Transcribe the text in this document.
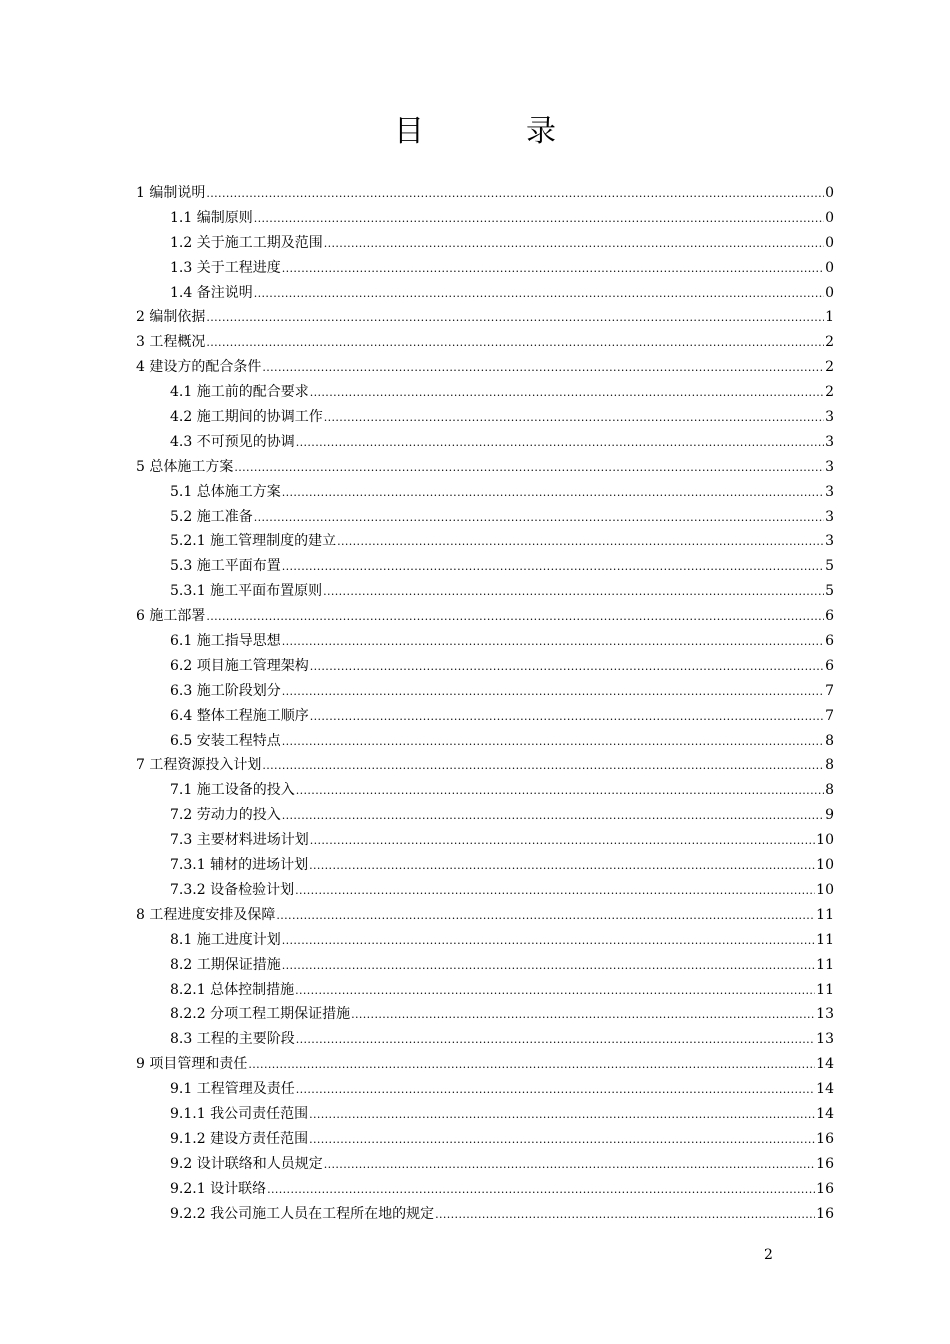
目　录
1 编制说明 .....	0
1.1 编制原则 .....	0
1.2 关于施工工期及范围 .....	0
1.3 关于工程进度 .....	0
1.4 备注说明 .....	0
2 编制依据 .....	1
3 工程概况 .....	2
4 建设方的配合条件 .....	2
4.1 施工前的配合要求 .....	2
4.2 施工期间的协调工作 .....	3
4.3 不可预见的协调 .....	3
5 总体施工方案 .....	3
5.1 总体施工方案 .....	3
5.2 施工准备 .....	3
5.2.1 施工管理制度的建立 .....	3
5.3 施工平面布置 .....	5
5.3.1 施工平面布置原则 .....	5
6 施工部署 .....	6
6.1 施工指导思想 .....	6
6.2 项目施工管理架构 .....	6
6.3 施工阶段划分 .....	7
6.4 整体工程施工顺序 .....	7
6.5 安装工程特点 .....	8
7 工程资源投入计划 .....	8
7.1 施工设备的投入 .....	8
7.2 劳动力的投入 .....	9
7.3 主要材料进场计划 .....	10
7.3.1 辅材的进场计划 .....	10
7.3.2 设备检验计划 .....	10
8 工程进度安排及保障 .....	11
8.1 施工进度计划 .....	11
8.2 工期保证措施 .....	11
8.2.1 总体控制措施 .....	11
8.2.2 分项工程工期保证措施 .....	13
8.3 工程的主要阶段 .....	13
9 项目管理和责任 .....	14
9.1 工程管理及责任 .....	14
9.1.1 我公司责任范围 .....	14
9.1.2 建设方责任范围 .....	16
9.2 设计联络和人员规定 .....	16
9.2.1 设计联络 .....	16
9.2.2 我公司施工人员在工程所在地的规定 .....	16
2
